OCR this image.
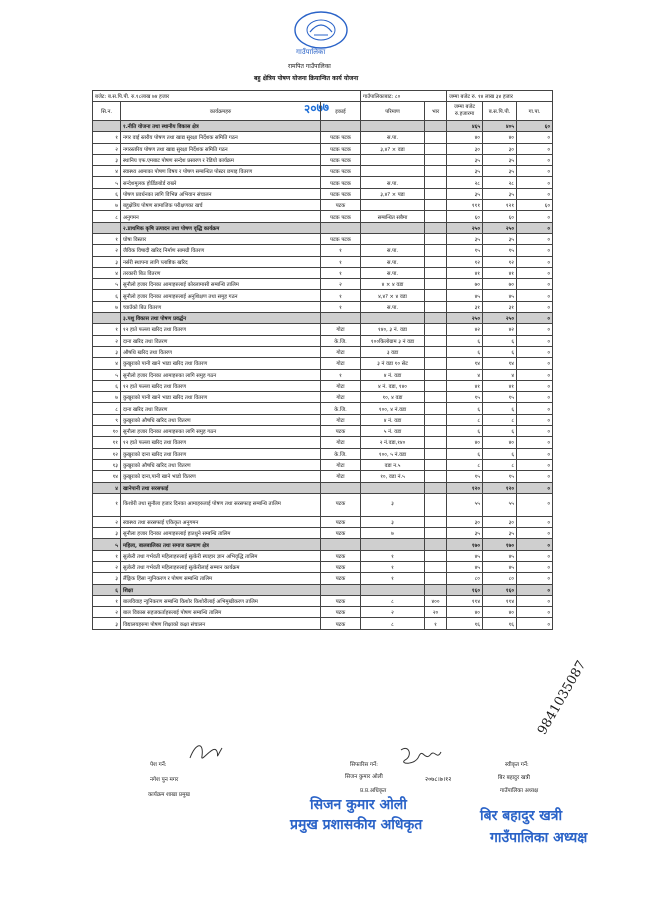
गाउँपालिका
रामपित गाउँपालिका
बहु क्षेत्रिय पोषण योजना क्रियान्वित कार्य योजना
२०७७
बजेट: ब.स.पि.पी. रु.१८लाख ७४ हजार			गाउँपालिकाबाट: ८०		जम्मा बजेट रु. १४ लाख ३४ हजार		
सि.न.	कार्यक्रमहरु	इकाई	परिमाण	भार	जम्मा बजेट रु.हजारमा	ब.स.पि.पी.	गा.पा.
	१.नीति योजना तथा स्थानीय विकास क्षेत्र				४६५	४०५	६०
१	नगर वाई स्तरीय पोषण तथा खाद्य सुरक्षा निर्देशक समिति गठन	पटक पटक	स.पा.		४०	४०	०
२	नगरस्तरिय पोषण तथा खाद्य सुरक्षा निर्देशक समिति गठन	पटक पटक	३,४? × वडा		३०	३०	०
३	स्थानिय एफ.एमबाट पोषण सन्देश प्रसारण र रेडियो कार्यक्रम	पटक पटक			३५	३५	०
४	स्वास्थ्य आमाका पोषण विषय र पोषण सम्बन्धित पोस्टर छपाइ वितरण	पटक पटक			३५	३५	०
५	सन्देशमूलक होर्डिङबोर्ड राख्ने	पटक पटक	स.पा.		२८	२८	०
६	पोषण प्रवर्धनका लागि विभिन्न अभियान संचालन	पटक पटक	३,४? × पडा		३५	३५	०
७	बहुक्षेत्रिय पोषण सामाजिक परीक्षणका खर्च	पटक			१११	१२१	६०
८	अनुगमन	पटक पटक	सम्बन्धित सबैमा		६०	६०	०
	२.प्राथमिक कृषि उत्पादन तथा पोषण वृद्धि कार्यक्रम				२५०	२५०	०
१	घोषा विस्तार	पटक पटक			३५	३५	०
२	जैविक विषादी खरिद निर्माण सामग्री वितरण	१	स.पा.		१५	१५	०
३	नर्सरी स्थापना लागि प्लाष्टिक खरिद	१	स.पा.		१२	१२	०
४	तरकारी बिउ वितरण	१	स.पा.		४१	४१	०
५	सुनौलो हजार दिनका आमाहरुलाई कोरलामासी सम्बन्धि तालिम	२	४ × ४ वडा		७०	७०	०
६	सुनौलो हजार दिनका आमाहरुलाई अनुशिक्षण तथा समुह गठन	१	४,४? × ४ वडा		४५	४५	०
७	च्याउँको बिउ वितरण	१	स.पा.		३१	३१	०
	३.पशु विकास तथा पोषण प्रवर्द्धन				२५०	२५०	०
१	१२ हाते फल्ला खरिद तथा वितरण	गोटा	१४०, ३ नं. वडा		४२	४२	०
२	दाना खरिद तथा वितरण	के.जि.	१००किलोग्राम ३ नं वडा		६	६	०
३	औषधि खरिद तथा वितरण	गोटा	३ वडा		६	६	०
४	कुखुराको पानी खाने भाडा खरिद तथा वितरण	गोटा	३ नं वडा १० सेट		१४	१४	०
५	सुनौलो हजार दिनका आमाहरुका लागि समुह गठन	१	४ नं. वडा		४	४	०
६	१२ हाते फल्ला खरिद तथा वितरण	गोटा	४ नं. वडा, १४०		४१	४१	०
७	कुखुराको पानी खाने भाडा खरिद तथा वितरण	गोटा	१०, ४ वडा		१५	१५	०
८	दाना खरिद तथा वितरण	के.जि.	१००, ४ नं.वडा		६	६	०
९	कुखुराको औषधि खरिद तथा वितरण	गोटा	४ नं. वडा		८	८	०
१०	सुनौला हजार दिनका आमाहरुका लागि समुह गठन	पटक	५ नं. वडा		६	६	०
११	१२ हाते फल्ला खरिद तथा वितरण	गोटा	२ नं.वडा,१४०		४०	४०	०
१२	कुखुराको दाना खरिद तथा वितरण	के.जि.	१००, ५ नं.वडा		६	६	०
१३	कुखुराको औषधि खरिद तथा वितरण	गोटा	वडा न.५		८	८	०
१४	कुखुराको दाना,पानी खाने भाडो वितरण	गोटा	१०, वडा नं.५		१५	१५	०
४	खानेपानी तथा सरसफाई				१२०	१२०	०
१	किशोरी तथा सुनौला हजार दिनका आमाहरुलाई पोषण तथा सरसफाइ सम्बन्धि तालिम	पटक	३		५५	५५	०
२	स्वास्थ्य तथा सरसफाई एकिकृत अनुगमन	पटक	३		३०	३०	०
३	सुनौला हजार दिनका आमाहरुलाई हातधुने सम्बन्धि तालिम	पटक	७		३५	३५	०
५	महिला, बालबालिका तथा समाज कल्याण क्षेत्र				१७०	१७०	०
१	सुत्केरी तथा गर्भवती महिलाहरुलाई सुत्केरी स्याहार ज्ञान अभिवृद्धि तालिम	पटक	१		४५	४५	०
२	सुत्केरी तथा गर्भवती महिलाहरुलाई सुत्केरीलाई सम्मान कार्यक्रम	पटक	१		४५	४५	०
३	लैंङ्गिक हिंसा न्युनिकरण र पोषण सम्बन्धि तालिम	पटक	१		८०	८०	०
६	शिक्षा				१६०	१६०	०
१	बालविवाह न्युनिकरण सम्बन्धि किशोर किशोरीलाई अभिमुखीकरण तालिम	पटक	८	४००	११४	११४	०
२	बाल विकास सहजकर्ताहरुलाई पोषण सम्बन्धि तालिम	पटक	२	२०	४०	४०	०
३	विद्यालयहरुमा पोषण शिक्षाको कक्षा संचालन	पटक	८	१	१६	१६	०
पेश गर्ने:
नगेश पुन मगर
कार्यक्रम शाखा प्रमुख
सिफारिस गर्ने:
सिजन कुमार ओली
प्र.प्र.अधिकृत
२०७८।७।१२
सिजन कुमार ओली
प्रमुख प्रशासकीय अधिकृत
स्वीकृत गर्ने:
बिर बहादुर खत्री
गाउँपालिका अध्यक्ष
बिर बहादुर खत्री
गाउँपालिका अध्यक्ष
9841035087
